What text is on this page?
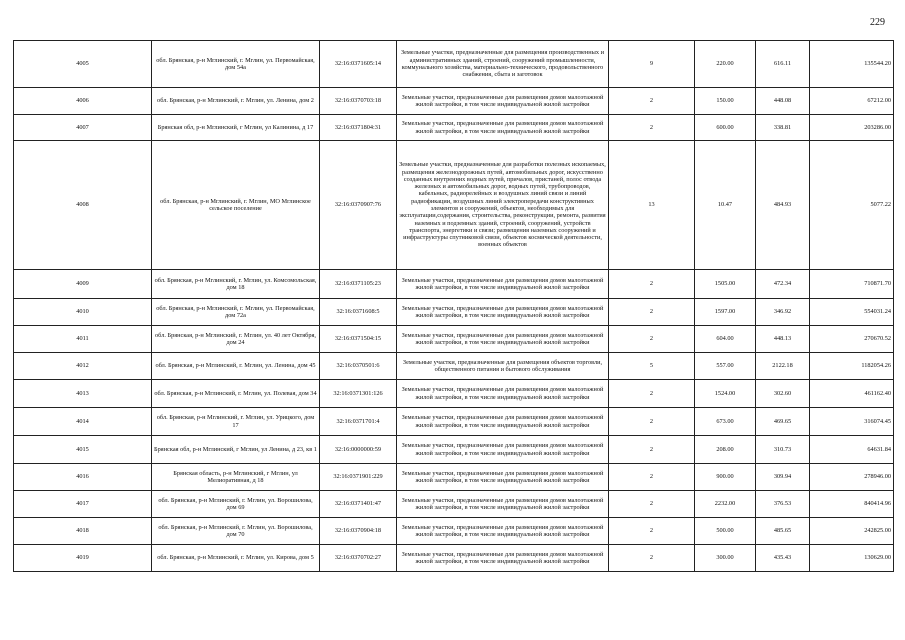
229
4005	обл. Брянская, р-н Мглинский, г. Мглин, ул. Первомайская, дом 54а	32:16:0371605:14	Земельные участки, предназначенные для размещения производственных и административных зданий, строений, сооружений промышленности, коммунального хозяйства, материально-технического, продовольственного снабжения, сбыта и заготовок	9	220.00	616.11	135544.20
4006	обл. Брянская, р-н Мглинский, г. Мглин, ул. Ленина, дом 2	32:16:0370703:18	Земельные участки, предназначенные для размещения домов малоэтажной жилой застройки, в том числе индивидуальной жилой застройки	2	150.00	448.08	67212.00
4007	Брянская обл, р-н Мглинский, г Мглин, ул Калинина, д 17	32:16:0371804:31	Земельные участки, предназначенные для размещения домов малоэтажной жилой застройки, в том числе индивидуальной жилой застройки	2	600.00	338.81	203286.00
4008	обл. Брянская, р-н Мглинский, г. Мглин, МО Мглинское сельское поселение	32:16:0370907:76	Земельные участки, предназначенные для разработки полезных ископаемых, размещения железнодорожных путей, автомобильных дорог, искусственно созданных внутренних водных путей, причалов, пристаней, полос отвода железных и автомобильных дорог, водных путей, трубопроводов, кабельных, радиорелейных и воздушных линий связи и линий радиофикации, воздушных линий электропередачи конструктивных элементов и сооружений, объектов, необходимых для эксплуатации,содержания, строительства, реконструкции, ремонта, развития наземных и подземных зданий, строений, сооружений, устройств транспорта, энергетики и связи; размещения наземных сооружений и инфраструктуры спутниковой связи, объектов космической деятельности, военных объектов	13	10.47	484.93	5077.22
4009	обл. Брянская, р-н Мглинский, г. Мглин, ул. Комсомольская, дом 18	32:16:0371105:23	Земельные участки, предназначенные для размещения домов малоэтажной жилой застройки, в том числе индивидуальной жилой застройки	2	1505.00	472.34	710871.70
4010	обл. Брянская, р-н Мглинский, г. Мглин, ул. Первомайская, дом 72а	32:16:0371608:5	Земельные участки, предназначенные для размещения домов малоэтажной жилой застройки, в том числе индивидуальной жилой застройки	2	1597.00	346.92	554031.24
4011	обл. Брянская, р-н Мглинский, г. Мглин, ул. 40 лет Октября, дом 24	32:16:0371504:15	Земельные участки, предназначенные для размещения домов малоэтажной жилой застройки, в том числе индивидуальной жилой застройки	2	604.00	448.13	270670.52
4012	обл. Брянская, р-н Мглинский, г. Мглин, ул. Ленина, дом 45	32:16:0370501:6	Земельные участки, предназначенные для размещения объектов торговли, общественного питания и бытового обслуживания	5	557.00	2122.18	1182054.26
4013	обл. Брянская, р-н Мглинский, г. Мглин, ул. Полевая, дом 34	32:16:0371301:126	Земельные участки, предназначенные для размещения домов малоэтажной жилой застройки, в том числе индивидуальной жилой застройки	2	1524.00	302.60	461162.40
4014	обл. Брянская, р-н Мглинский, г. Мглин, ул. Урицкого, дом 17	32:16:0371701:4	Земельные участки, предназначенные для размещения домов малоэтажной жилой застройки, в том числе индивидуальной жилой застройки	2	673.00	469.65	316074.45
4015	Брянская обл, р-н Мглинский, г Мглин, ул Ленина, д 23, кв 1	32:16:0000000:59	Земельные участки, предназначенные для размещения домов малоэтажной жилой застройки, в том числе индивидуальной жилой застройки	2	208.00	310.73	64631.84
4016	Брянская область, р-н Мглинский, г Мглин, ул Мелиоративная, д 18	32:16:0371901:229	Земельные участки, предназначенные для размещения домов малоэтажной жилой застройки, в том числе индивидуальной жилой застройки	2	900.00	309.94	278946.00
4017	обл. Брянская, р-н Мглинский, г. Мглин, ул. Ворошилова, дом 69	32:16:0371401:47	Земельные участки, предназначенные для размещения домов малоэтажной жилой застройки, в том числе индивидуальной жилой застройки	2	2232.00	376.53	840414.96
4018	обл. Брянская, р-н Мглинский, г. Мглин, ул. Ворошилова, дом 70	32:16:0370904:18	Земельные участки, предназначенные для размещения домов малоэтажной жилой застройки, в том числе индивидуальной жилой застройки	2	500.00	485.65	242825.00
4019	обл. Брянская, р-н Мглинский, г. Мглин, ул. Кирова, дом 5	32:16:0370702:27	Земельные участки, предназначенные для размещения домов малоэтажной жилой застройки, в том числе индивидуальной жилой застройки	2	300.00	435.43	130629.00
